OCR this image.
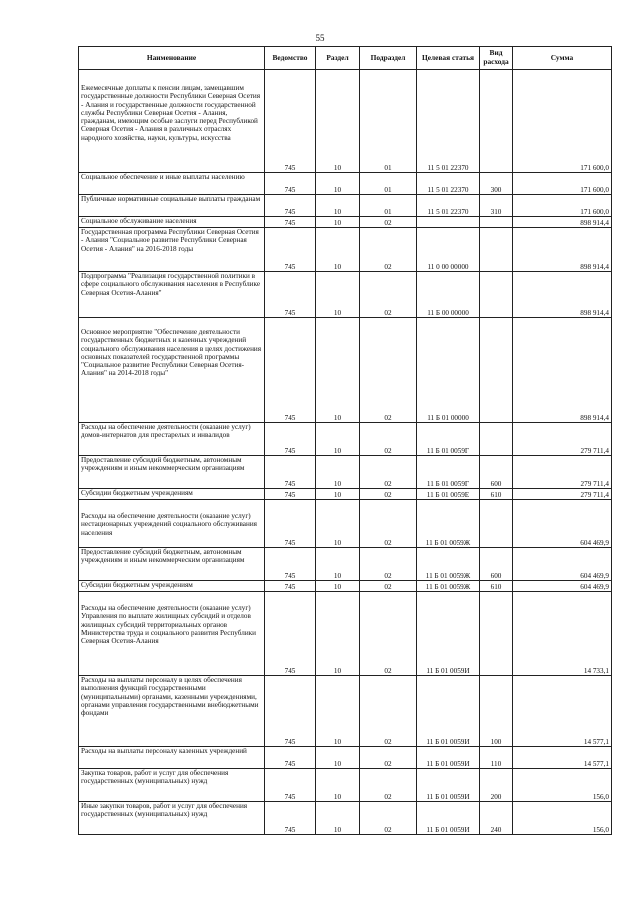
55
Наименование	Ведомство	Раздел	Подраздел	Целевая статья	Вид расхода	Сумма
Ежемесячные доплаты к пенсии лицам, замещавшим государственные должности Республики Северная Осетия - Алания и государственные должности государственной службы Республики Северная Осетия - Алания, гражданам, имеющим особые заслуги перед Республикой Северная Осетия - Алания в различных отраслях народного хозяйства, науки, культуры, искусства	745	10	01	11 5 01 22370		171 600,0
Социальное обеспечение и иные выплаты населению	745	10	01	11 5 01 22370	300	171 600,0
Публичные нормативные социальные выплаты гражданам	745	10	01	11 5 01 22370	310	171 600,0
Социальное обслуживание населения	745	10	02			898 914,4
Государственная программа Республики Северная Осетия - Алания "Социальное развитие Республики Северная Осетия - Алания" на 2016-2018 годы	745	10	02	11 0 00 00000		898 914,4
Подпрограмма "Реализация государственной политики в сфере социального обслуживания населения в Республике Северная Осетия-Алания"	745	10	02	11 Б 00 00000		898 914,4
Основное мероприятие "Обеспечение деятельности государственных бюджетных и казенных учреждений социального обслуживания населения в целях достижения основных показателей государственной программы "Социальное развитие Республики Северная Осетия-Алания" на 2014-2018 годы"	745	10	02	11 Б 01 00000		898 914,4
Расходы на обеспечение деятельности (оказание услуг) домов-интернатов для престарелых и инвалидов	745	10	02	11 Б 01 0059Г		279 711,4
Предоставление субсидий бюджетным, автономным учреждениям и иным некоммерческим организациям	745	10	02	11 Б 01 0059Г	600	279 711,4
Субсидии бюджетным учреждениям	745	10	02	11 Б 01 0059Е	610	279 711,4
Расходы на обеспечение деятельности (оказание услуг) нестационарных учреждений социального обслуживания населения	745	10	02	11 Б 01 0059Ж		604 469,9
Предоставление субсидий бюджетным, автономным учреждениям и иным некоммерческим организациям	745	10	02	11 Б 01 0059Ж	600	604 469,9
Субсидии бюджетным учреждениям	745	10	02	11 Б 01 0059Ж	610	604 469,9
Расходы на обеспечение деятельности (оказание услуг) Управления по выплате жилищных субсидий и отделов жилищных субсидий территориальных органов Министерства труда и социального развития Республики Северная Осетия-Алания	745	10	02	11 Б 01 0059И		14 733,1
Расходы на выплаты персоналу в целях обеспечения выполнения функций государственными (муниципальными) органами, казенными учреждениями, органами управления государственными внебюджетными фондами	745	10	02	11 Б 01 0059И	100	14 577,1
Расходы на выплаты персоналу казенных учреждений	745	10	02	11 Б 01 0059И	110	14 577,1
Закупка товаров, работ и услуг для обеспечения государственных (муниципальных) нужд	745	10	02	11 Б 01 0059И	200	156,0
Иные закупки товаров, работ и услуг для обеспечения государственных (муниципальных) нужд	745	10	02	11 Б 01 0059И	240	156,0
